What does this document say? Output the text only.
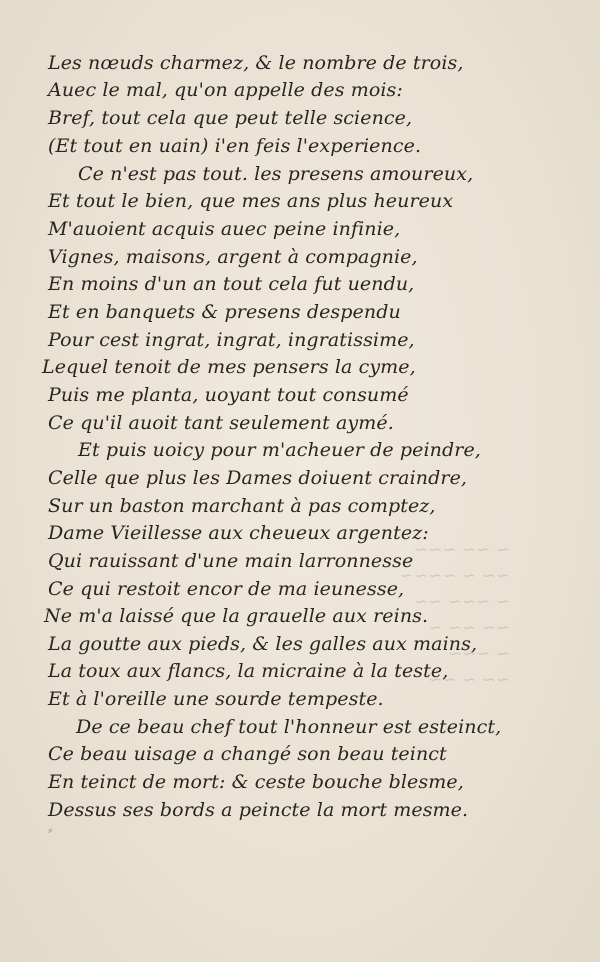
Les nœuds charmez, & le nombre de trois,
Auec le mal, qu'on appelle des mois:
Bref, tout cela que peut telle science,
(Et tout en uain) i'en feis l'experience.
Ce n'est pas tout. les presens amoureux,
Et tout le bien, que mes ans plus heureux
M'auoient acquis auec peine infinie,
Vignes, maisons, argent à compagnie,
En moins d'un an tout cela fut uendu,
Et en banquets & presens despendu
Pour cest ingrat, ingrat, ingratissime,
Lequel tenoit de mes pensers la cyme,
Puis me planta, uoyant tout consumé
Ce qu'il auoit tant seulement aymé.
Et puis uoicy pour m'acheuer de peindre,
Celle que plus les Dames doiuent craindre,
Sur un baston marchant à pas comptez,
Dame Vieillesse aux cheueux argentez:
Qui rauissant d'une main larronnesse
Ce qui restoit encor de ma ieunesse,
Ne m'a laissé que la grauelle aux reins.
La goutte aux pieds, & les galles aux mains,
La toux aux flancs, la micraine à la teste,
Et à l'oreille une sourde tempeste.
De ce beau chef tout l'honneur est esteinct,
Ce beau uisage a changé son beau teinct
En teinct de mort: & ceste bouche blesme,
Dessus ses bords a peincte la mort mesme.
~ ~~ ~~~
~~ ~ ~~~~
~ ~~~ ~~
~~ ~~ ~
~ ~~~
~~ ~ ~~
⸗
